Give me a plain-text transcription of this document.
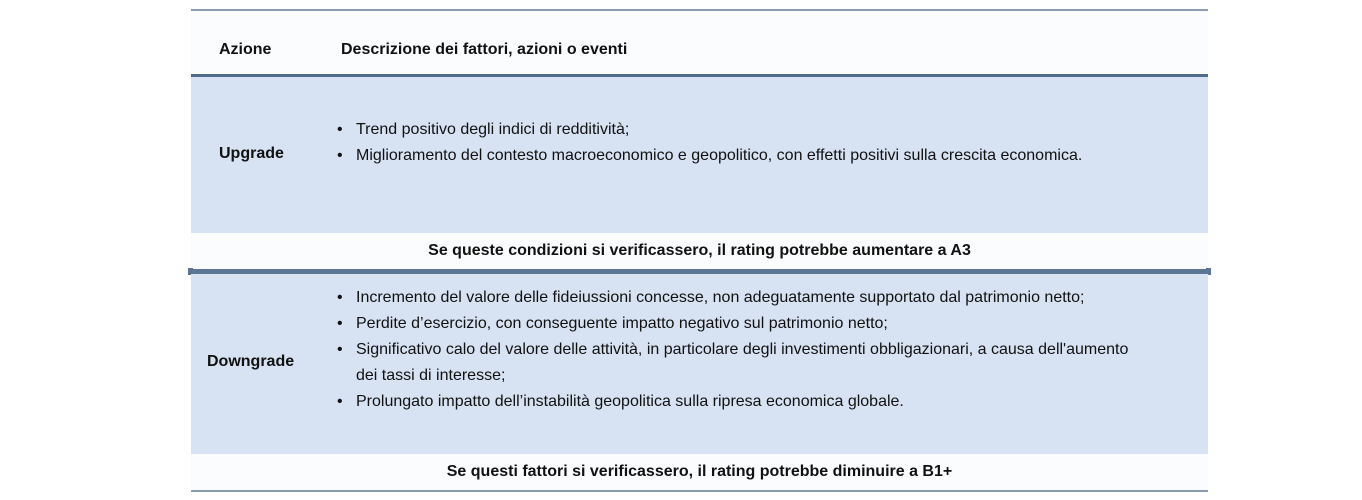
Azione	Descrizione dei fattori, azioni o eventi
Upgrade
• Trend positivo degli indici di redditività;
• Miglioramento del contesto macroeconomico e geopolitico, con effetti positivi sulla crescita economica.
Se queste condizioni si verificassero, il rating potrebbe aumentare a A3
Downgrade
• Incremento del valore delle fideiussioni concesse, non adeguatamente supportato dal patrimonio netto;
• Perdite d’esercizio, con conseguente impatto negativo sul patrimonio netto;
• Significativo calo del valore delle attività, in particolare degli investimenti obbligazionari, a causa dell'aumento dei tassi di interesse;
• Prolungato impatto dell’instabilità geopolitica sulla ripresa economica globale.
Se questi fattori si verificassero, il rating potrebbe diminuire a B1+
